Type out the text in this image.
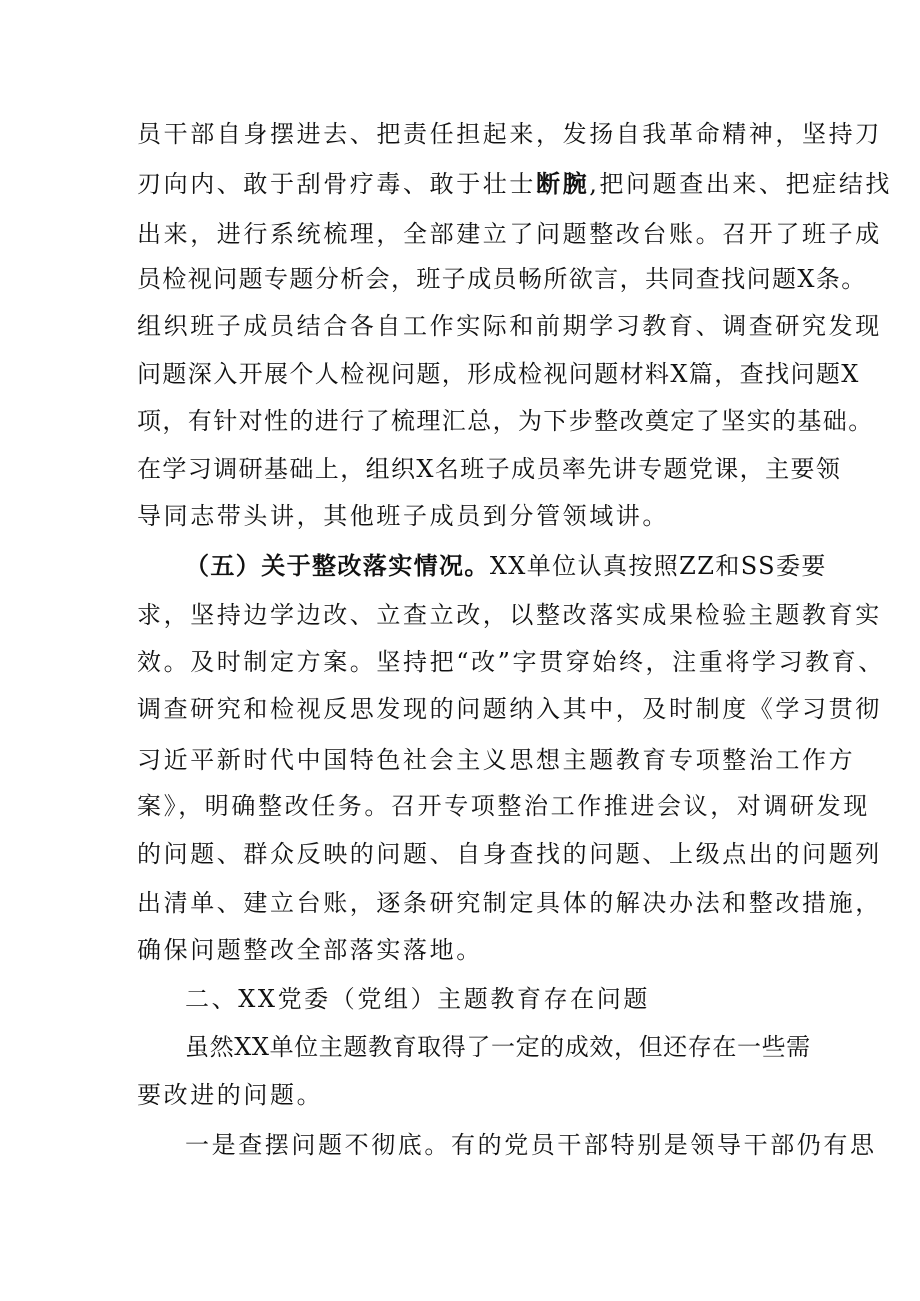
员干部自身摆进去、把责任担起来，发扬自我革命精神，坚持刀
刃向内、敢于刮骨疗毒、敢于壮士断腕,把问题查出来、把症结找
出来，进行系统梳理，全部建立了问题整改台账。召开了班子成
员检视问题专题分析会，班子成员畅所欲言，共同查找问题X条。
组织班子成员结合各自工作实际和前期学习教育、调查研究发现
问题深入开展个人检视问题，形成检视问题材料X篇，查找问题X
项，有针对性的进行了梳理汇总，为下步整改奠定了坚实的基础。
在学习调研基础上，组织X名班子成员率先讲专题党课，主要领
导同志带头讲，其他班子成员到分管领域讲。
（五）关于整改落实情况。XX单位认真按照ZZ和SS委要
求，坚持边学边改、立查立改，以整改落实成果检验主题教育实
效。及时制定方案。坚持把“改”字贯穿始终，注重将学习教育、
调查研究和检视反思发现的问题纳入其中，及时制度《学习贯彻
习近平新时代中国特色社会主义思想主题教育专项整治工作方
案》，明确整改任务。召开专项整治工作推进会议，对调研发现
的问题、群众反映的问题、自身查找的问题、上级点出的问题列
出清单、建立台账，逐条研究制定具体的解决办法和整改措施，
确保问题整改全部落实落地。
二、XX党委（党组）主题教育存在问题
虽然XX单位主题教育取得了一定的成效，但还存在一些需
要改进的问题。
一是查摆问题不彻底。有的党员干部特别是领导干部仍有思
